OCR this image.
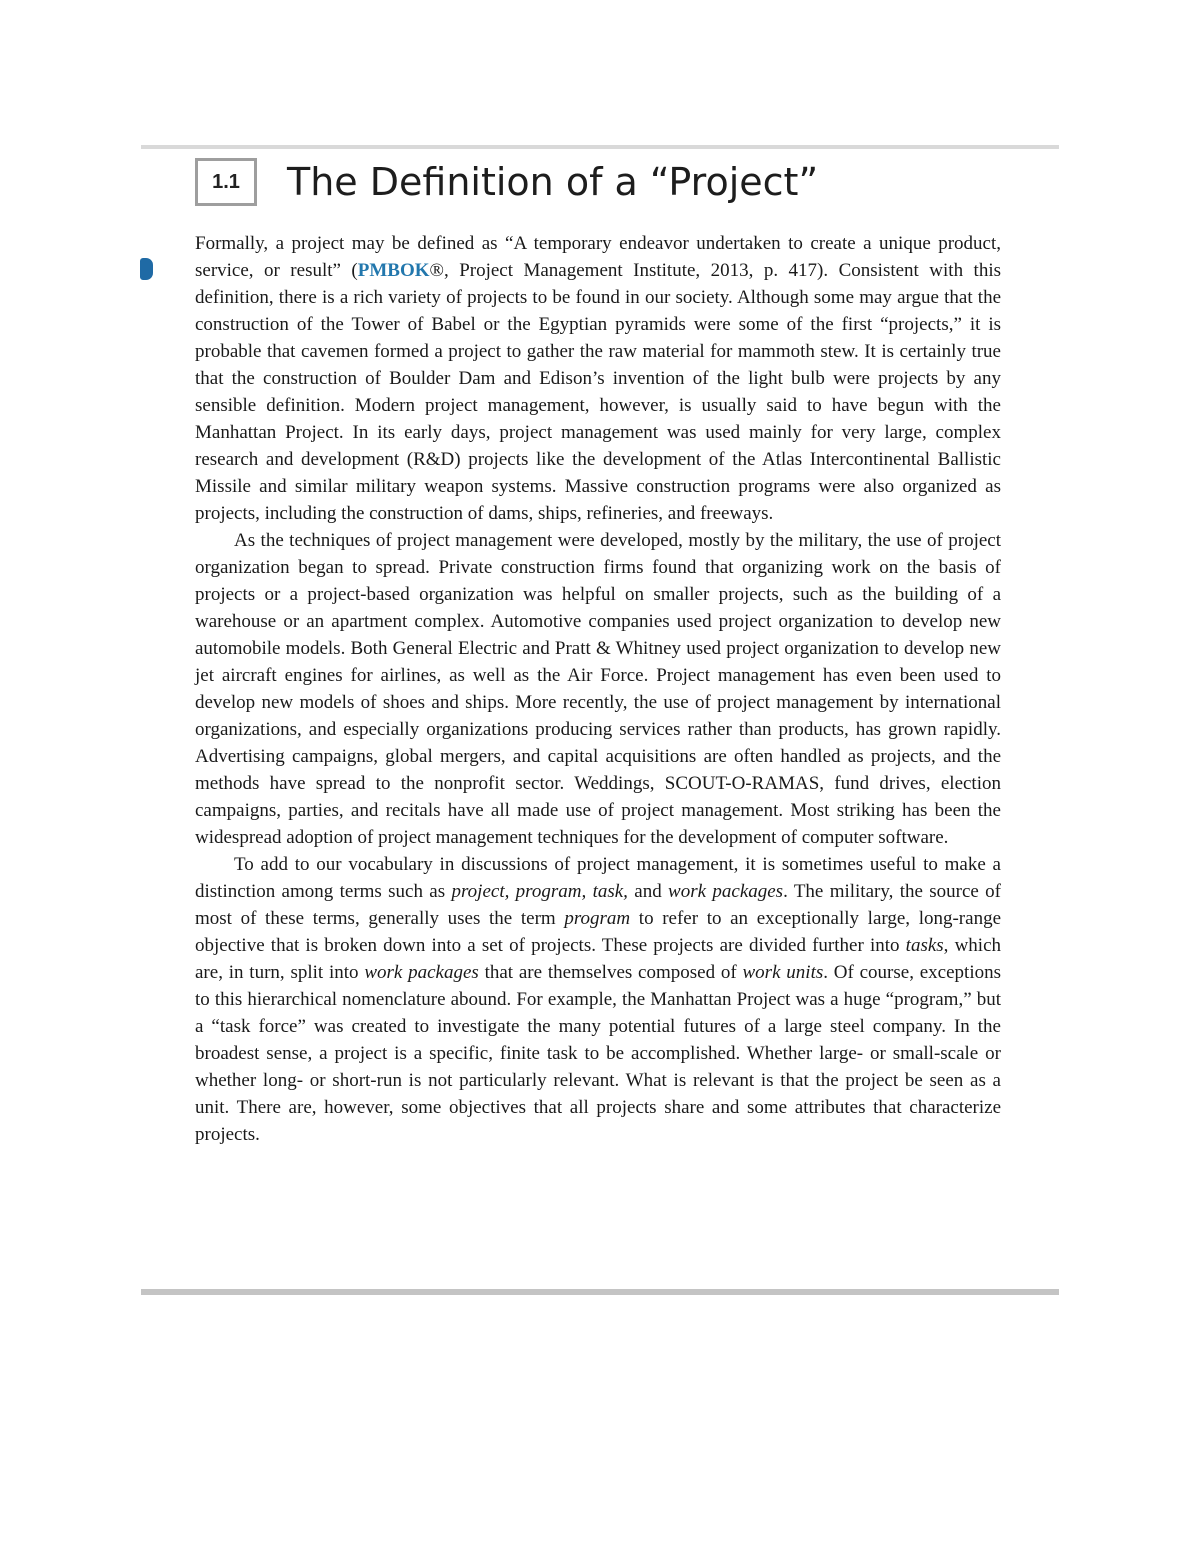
1.1 The Definition of a “Project”

Formally, a project may be defined as “A temporary endeavor undertaken to create a unique product, service, or result” (PMBOK®, Project Management Institute, 2013, p. 417). Consistent with this definition, there is a rich variety of projects to be found in our society. Although some may argue that the construction of the Tower of Babel or the Egyptian pyramids were some of the first “projects,” it is probable that cavemen formed a project to gather the raw material for mammoth stew. It is certainly true that the construction of Boulder Dam and Edison’s invention of the light bulb were projects by any sensible definition. Modern project management, however, is usually said to have begun with the Manhattan Project. In its early days, project management was used mainly for very large, complex research and development (R&D) projects like the development of the Atlas Intercontinental Ballistic Missile and similar military weapon systems. Massive construction programs were also organized as projects, including the construction of dams, ships, refineries, and freeways.

As the techniques of project management were developed, mostly by the military, the use of project organization began to spread. Private construction firms found that organizing work on the basis of projects or a project-based organization was helpful on smaller projects, such as the building of a warehouse or an apartment complex. Automotive companies used project organization to develop new automobile models. Both General Electric and Pratt & Whitney used project organization to develop new jet aircraft engines for airlines, as well as the Air Force. Project management has even been used to develop new models of shoes and ships. More recently, the use of project management by international organizations, and especially organizations producing services rather than products, has grown rapidly. Advertising campaigns, global mergers, and capital acquisitions are often handled as projects, and the methods have spread to the nonprofit sector. Weddings, SCOUT-O-RAMAS, fund drives, election campaigns, parties, and recitals have all made use of project management. Most striking has been the widespread adoption of project management techniques for the development of computer software.

To add to our vocabulary in discussions of project management, it is sometimes useful to make a distinction among terms such as project, program, task, and work packages. The military, the source of most of these terms, generally uses the term program to refer to an exceptionally large, long-range objective that is broken down into a set of projects. These projects are divided further into tasks, which are, in turn, split into work packages that are themselves composed of work units. Of course, exceptions to this hierarchical nomenclature abound. For example, the Manhattan Project was a huge “program,” but a “task force” was created to investigate the many potential futures of a large steel company. In the broadest sense, a project is a specific, finite task to be accomplished. Whether large- or small-scale or whether long- or short-run is not particularly relevant. What is relevant is that the project be seen as a unit. There are, however, some objectives that all projects share and some attributes that characterize projects.
